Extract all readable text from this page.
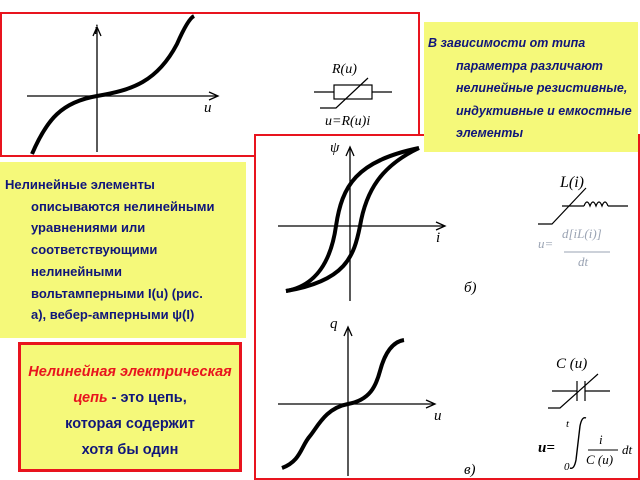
i
u
R(u)
u=R(u)i
ψ
i
L(i)
u=
d[iL(i)]
dt
б)
q
u
C (u)
u=
t
0
i
C (u)
dt
в)
В зависимости от типа
параметра различают
нелинейные резистивные,
индуктивные и емкостные
элементы
Нелинейные элементы
описываются нелинейными
уравнениями или
соответствующими
нелинейными
вольтамперными I(u) (рис.
а), вебер-амперными ψ(I)
Нелинейная электрическая
цепь - это цепь,
которая содержит
хотя бы один
